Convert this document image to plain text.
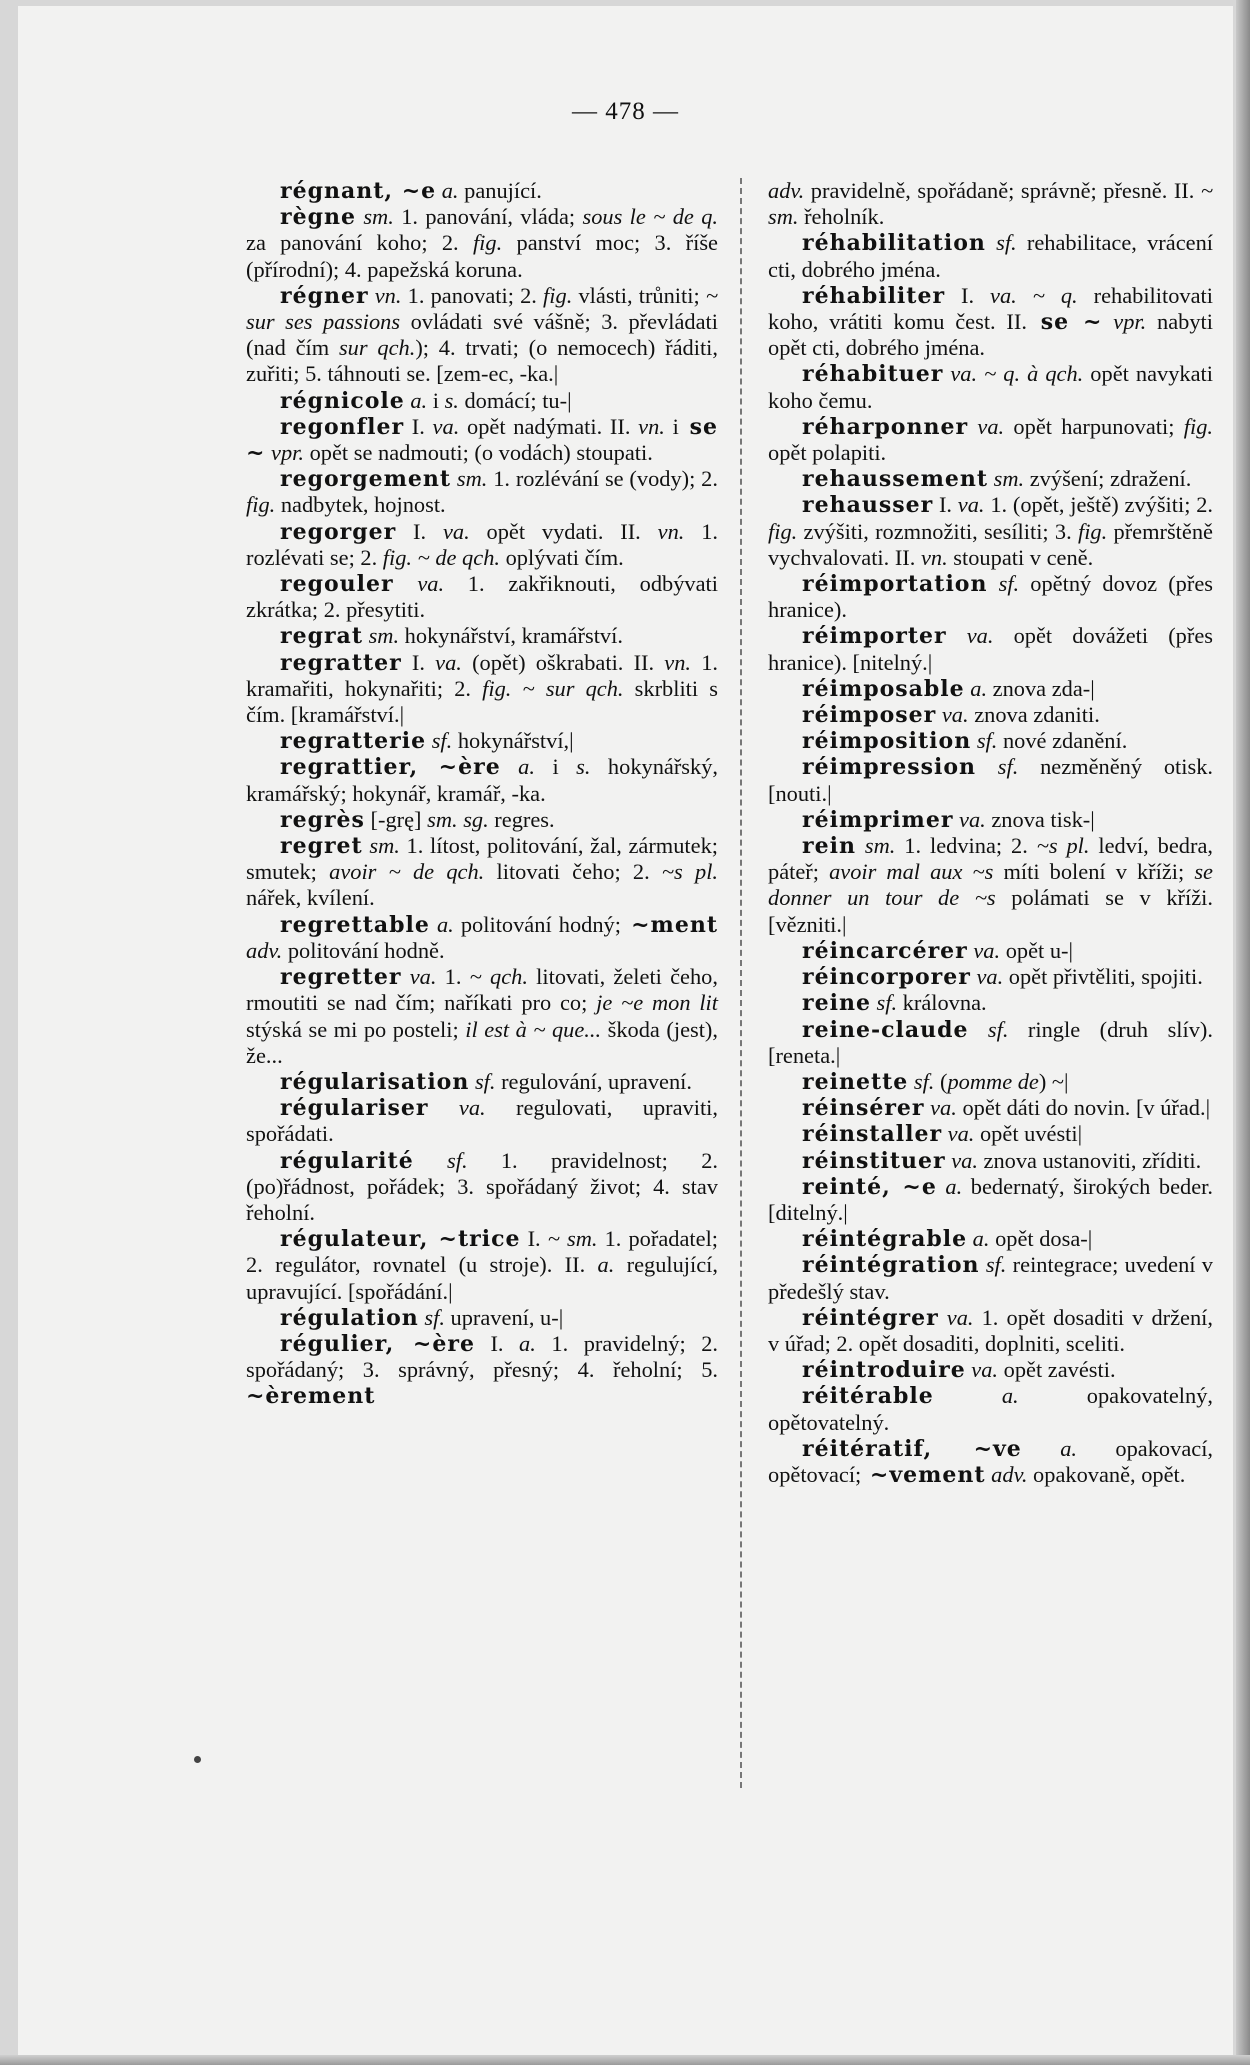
— 478 —

régnant, ~e a. panující.

règne sm. 1. panování, vláda; sous le ~ de q. za panování koho; 2. fig. panství moc; 3. říše (přírodní); 4. papežská koruna.

régner vn. 1. panovati; 2. fig. vlásti, trůniti; ~ sur ses passions ovládati své vášně; 3. převládati (nad čím sur qch.); 4. trvati; (o nemocech) řáditi, zuřiti; 5. táhnouti se. [zem-ec, -ka.|

régnicole a. i s. domácí; tu-|

regonfler I. va. opět nadýmati. II. vn. i se ~ vpr. opět se nadmouti; (o vodách) stoupati.

regorgement sm. 1. rozlévání se (vody); 2. fig. nadbytek, hojnost.

regorger I. va. opět vydati. II. vn. 1. rozlévati se; 2. fig. ~ de qch. oplývati čím.

regouler va. 1. zakřiknouti, odbývati zkrátka; 2. přesytiti.

regrat sm. hokynářství, kramářství.

regratter I. va. (opět) oškrabati. II. vn. 1. kramařiti, hokynařiti; 2. fig. ~ sur qch. skrbliti s čím. [kramářství.|

regratterie sf. hokynářství,|

regrattier, ~ère a. i s. hokynářský, kramářský; hokynář, kramář, -ka.

regrès [-grę] sm. sg. regres.

regret sm. 1. lítost, politování, žal, zármutek; smutek; avoir ~ de qch. litovati čeho; 2. ~s pl. nářek, kvílení.

regrettable a. politování hodný; ~ment adv. politování hodně.

regretter va. 1. ~ qch. litovati, želeti čeho, rmoutiti se nad čím; naříkati pro co; je ~e mon lit stýská se mi po posteli; il est à ~ que... škoda (jest), že...

régularisation sf. regulování, upravení.

régulariser va. regulovati, upraviti, spořádati.

régularité sf. 1. pravidelnost; 2. (po)řádnost, pořádek; 3. spořádaný život; 4. stav řeholní.

régulateur, ~trice I. ~ sm. 1. pořadatel; 2. regulátor, rovnatel (u stroje). II. a. regulující, upravující. [spořádání.|

régulation sf. upravení, u-|

régulier, ~ère I. a. 1. pravidelný; 2. spořádaný; 3. správný, přesný; 4. řeholní; 5. ~èrement

adv. pravidelně, spořádaně; správně; přesně. II. ~ sm. řeholník.

réhabilitation sf. rehabilitace, vrácení cti, dobrého jména.

réhabiliter I. va. ~ q. rehabilitovati koho, vrátiti komu čest. II. se ~ vpr. nabyti opět cti, dobrého jména.

réhabituer va. ~ q. à qch. opět navykati koho čemu.

réharponner va. opět harpunovati; fig. opět polapiti.

rehaussement sm. zvýšení; zdražení.

rehausser I. va. 1. (opět, ještě) zvýšiti; 2. fig. zvýšiti, rozmnožiti, sesíliti; 3. fig. přemrštěně vychvalovati. II. vn. stoupati v ceně.

réimportation sf. opětný dovoz (přes hranice).

réimporter va. opět dovážeti (přes hranice). [nitelný.|

réimposable a. znova zda-|

réimposer va. znova zdaniti.

réimposition sf. nové zdanění.

réimpression sf. nezměněný otisk. [nouti.|

réimprimer va. znova tisk-|

rein sm. 1. ledvina; 2. ~s pl. ledví, bedra, páteř; avoir mal aux ~s míti bolení v kříži; se donner un tour de ~s polámati se v kříži. [vězniti.|

réincarcérer va. opět u-|

réincorporer va. opět přivtěliti, spojiti.

reine sf. královna.

reine-claude sf. ringle (druh slív). [reneta.|

reinette sf. (pomme de) ~|

réinsérer va. opět dáti do novin. [v úřad.|

réinstaller va. opět uvésti|

réinstituer va. znova ustanoviti, zříditi.

reinté, ~e a. bedernatý, širokých beder. [ditelný.|

réintégrable a. opět dosa-|

réintégration sf. reintegrace; uvedení v předešlý stav.

réintégrer va. 1. opět dosaditi v držení, v úřad; 2. opět dosaditi, doplniti, sceliti.

réintroduire va. opět zavésti.

réitérable a. opakovatelný, opětovatelný.

réitératif, ~ve a. opakovací, opětovací; ~vement adv. opakovaně, opět.
